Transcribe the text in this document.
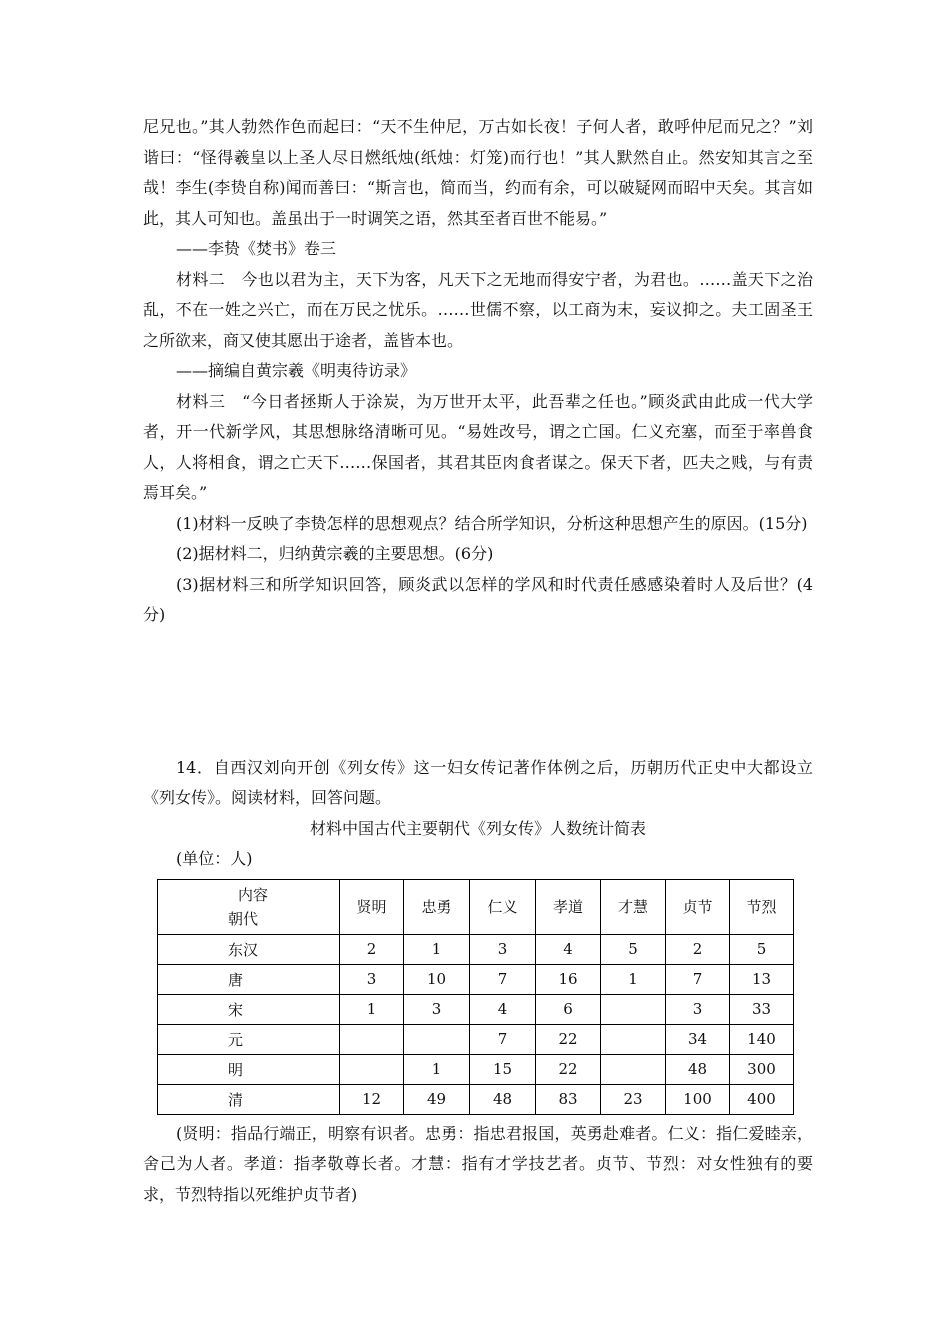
尼兄也。”其人勃然作色而起曰：“天不生仲尼，万古如长夜！子何人者，敢呼仲尼而兄之？”刘谐曰：“怪得羲皇以上圣人尽日燃纸烛(纸烛：灯笼)而行也！”其人默然自止。然安知其言之至哉！李生(李贽自称)闻而善曰：“斯言也，简而当，约而有余，可以破疑网而昭中天矣。其言如此，其人可知也。盖虽出于一时调笑之语，然其至者百世不能易。”

——李贽《焚书》卷三

材料二　今也以君为主，天下为客，凡天下之无地而得安宁者，为君也。……盖天下之治乱，不在一姓之兴亡，而在万民之忧乐。……世儒不察，以工商为末，妄议抑之。夫工固圣王之所欲来，商又使其愿出于途者，盖皆本也。

——摘编自黄宗羲《明夷待访录》

材料三　“今日者拯斯人于涂炭，为万世开太平，此吾辈之任也。”顾炎武由此成一代大学者，开一代新学风，其思想脉络清晰可见。“易姓改号，谓之亡国。仁义充塞，而至于率兽食人，人将相食，谓之亡天下……保国者，其君其臣肉食者谋之。保天下者，匹夫之贱，与有责焉耳矣。”

(1)材料一反映了李贽怎样的思想观点？结合所学知识，分析这种思想产生的原因。(15分)

(2)据材料二，归纳黄宗羲的主要思想。(6分)

(3)据材料三和所学知识回答，顾炎武以怎样的学风和时代责任感感染着时人及后世？(4分)

14．自西汉刘向开创《列女传》这一妇女传记著作体例之后，历朝历代正史中大都设立《列女传》。阅读材料，回答问题。

材料中国古代主要朝代《列女传》人数统计简表

(单位：人)

内容
朝代	贤明	忠勇	仁义	孝道	才慧	贞节	节烈
东汉	2	1	3	4	5	2	5
唐	3	10	7	16	1	7	13
宋	1	3	4	6		3	33
元			7	22		34	140
明		1	15	22		48	300
清	12	49	48	83	23	100	400

(贤明：指品行端正，明察有识者。忠勇：指忠君报国，英勇赴难者。仁义：指仁爱睦亲，舍己为人者。孝道：指孝敬尊长者。才慧：指有才学技艺者。贞节、节烈：对女性独有的要求，节烈特指以死维护贞节者)
